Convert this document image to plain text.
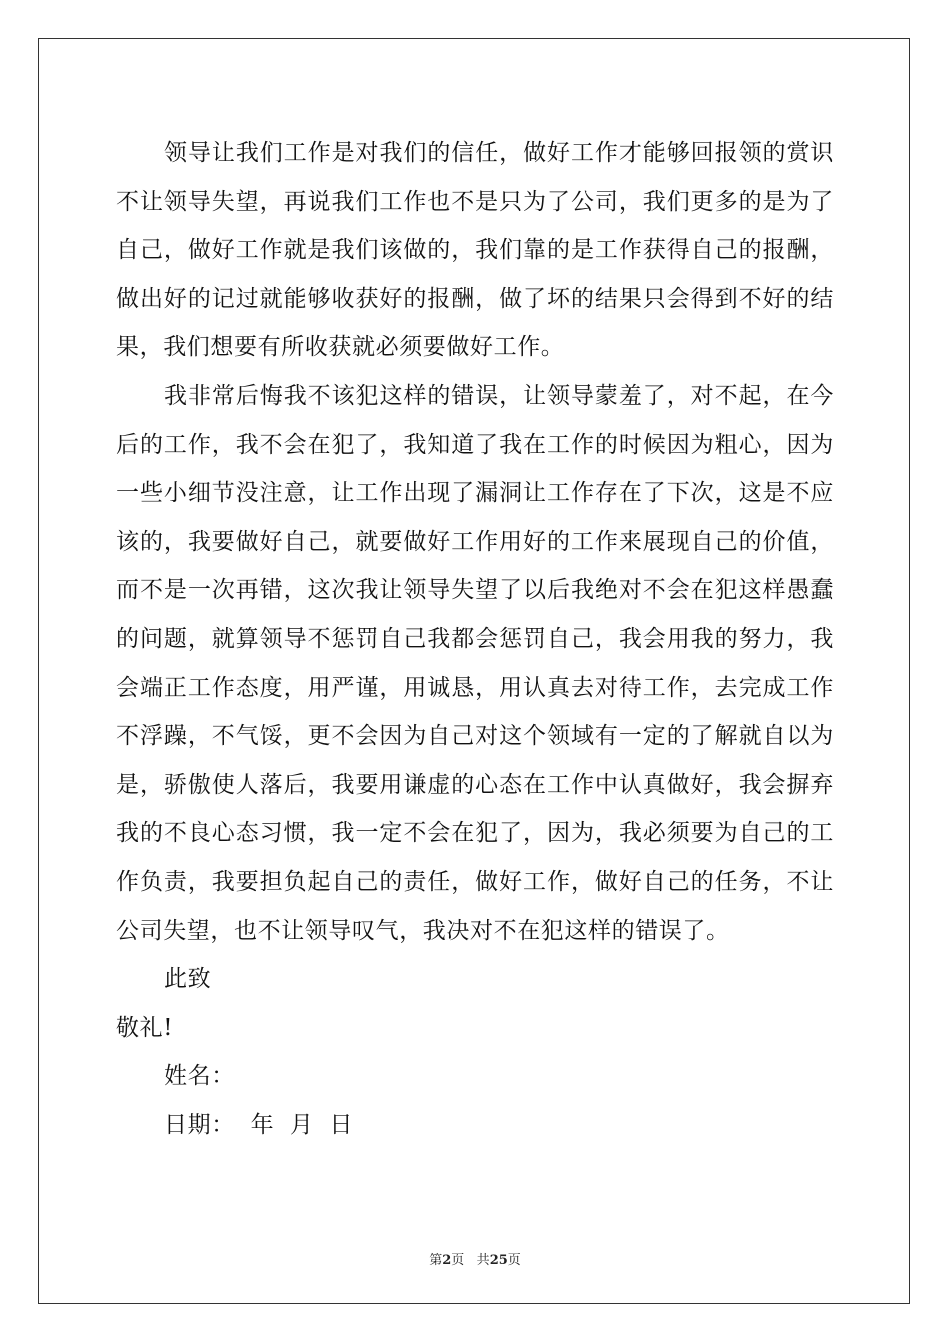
领导让我们工作是对我们的信任，做好工作才能够回报领的赏识不让领导失望，再说我们工作也不是只为了公司，我们更多的是为了自己，做好工作就是我们该做的，我们靠的是工作获得自己的报酬，做出好的记过就能够收获好的报酬，做了坏的结果只会得到不好的结果，我们想要有所收获就必须要做好工作。

我非常后悔我不该犯这样的错误，让领导蒙羞了，对不起，在今后的工作，我不会在犯了，我知道了我在工作的时候因为粗心，因为一些小细节没注意，让工作出现了漏洞让工作存在了下次，这是不应该的，我要做好自己，就要做好工作用好的工作来展现自己的价值，而不是一次再错，这次我让领导失望了以后我绝对不会在犯这样愚蠢的问题，就算领导不惩罚自己我都会惩罚自己，我会用我的努力，我会端正工作态度，用严谨，用诚恳，用认真去对待工作，去完成工作不浮躁，不气馁，更不会因为自己对这个领域有一定的了解就自以为是，骄傲使人落后，我要用谦虚的心态在工作中认真做好，我会摒弃我的不良心态习惯，我一定不会在犯了，因为，我必须要为自己的工作负责，我要担负起自己的责任，做好工作，做好自己的任务，不让公司失望，也不让领导叹气，我决对不在犯这样的错误了。

此致

敬礼!

姓名：

日期：  年  月  日

第2页 共25页
